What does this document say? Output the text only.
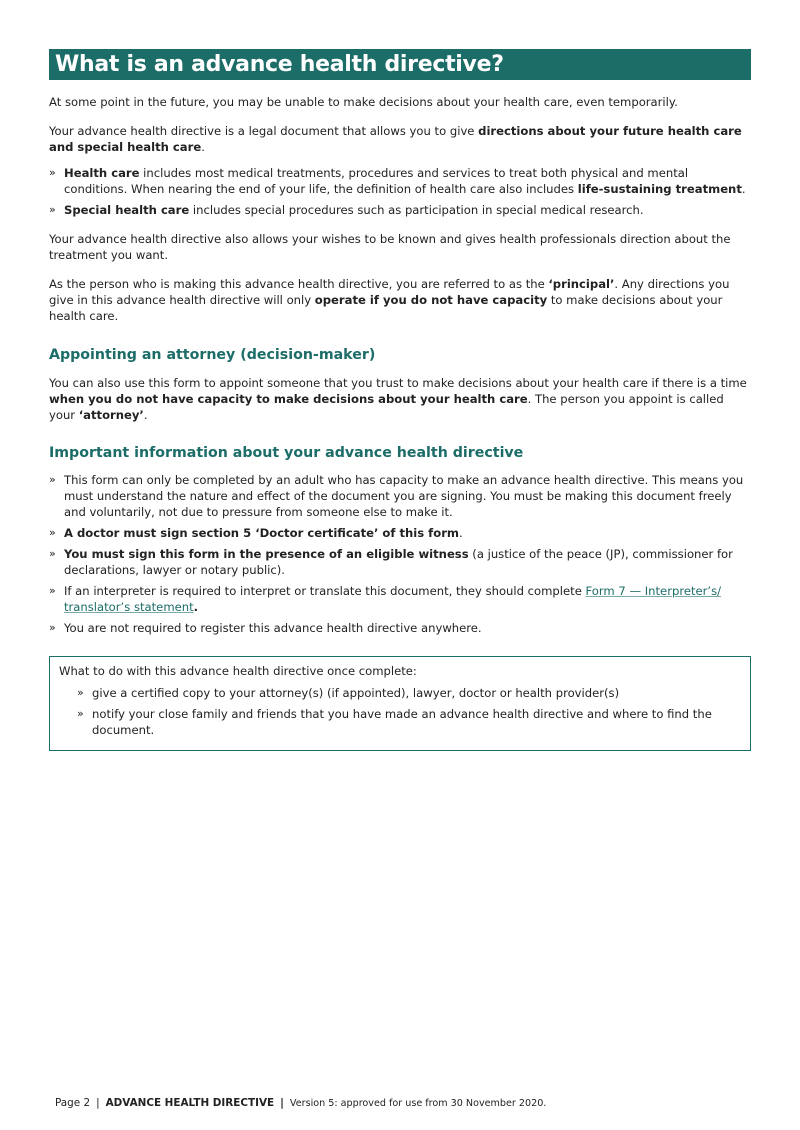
What is an advance health directive?

At some point in the future, you may be unable to make decisions about your health care, even temporarily.

Your advance health directive is a legal document that allows you to give directions about your future health care and special health care.

» Health care includes most medical treatments, procedures and services to treat both physical and mental conditions. When nearing the end of your life, the definition of health care also includes life-sustaining treatment.
» Special health care includes special procedures such as participation in special medical research.

Your advance health directive also allows your wishes to be known and gives health professionals direction about the treatment you want.

As the person who is making this advance health directive, you are referred to as the ‘principal’. Any directions you give in this advance health directive will only operate if you do not have capacity to make decisions about your health care.

Appointing an attorney (decision-maker)

You can also use this form to appoint someone that you trust to make decisions about your health care if there is a time when you do not have capacity to make decisions about your health care. The person you appoint is called your ‘attorney’.

Important information about your advance health directive
» This form can only be completed by an adult who has capacity to make an advance health directive. This means you must understand the nature and effect of the document you are signing. You must be making this document freely and voluntarily, not due to pressure from someone else to make it.
» A doctor must sign section 5 ‘Doctor certificate’ of this form.
» You must sign this form in the presence of an eligible witness (a justice of the peace (JP), commissioner for declarations, lawyer or notary public).
» If an interpreter is required to interpret or translate this document, they should complete Form 7 — Interpreter’s/ translator’s statement.
» You are not required to register this advance health directive anywhere.

What to do with this advance health directive once complete:

» give a certified copy to your attorney(s) (if appointed), lawyer, doctor or health provider(s)
» notify your close family and friends that you have made an advance health directive and where to find the document.
Page 2 | ADVANCE HEALTH DIRECTIVE | Version 5: approved for use from 30 November 2020.
